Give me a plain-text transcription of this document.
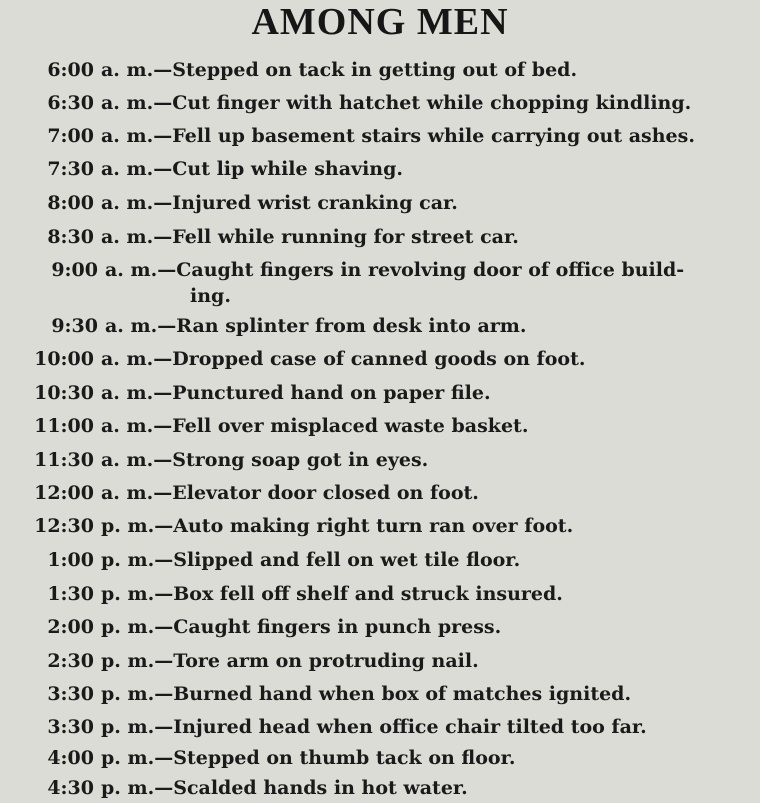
AMONG MEN
6:00 a. m.—Stepped on tack in getting out of bed.
6:30 a. m.—Cut finger with hatchet while chopping kindling.
7:00 a. m.—Fell up basement stairs while carrying out ashes.
7:30 a. m.—Cut lip while shaving.
8:00 a. m.—Injured wrist cranking car.
8:30 a. m.—Fell while running for street car.
9:00 a. m.—Caught fingers in revolving door of office build-
ing.
9:30 a. m.—Ran splinter from desk into arm.
10:00 a. m.—Dropped case of canned goods on foot.
10:30 a. m.—Punctured hand on paper file.
11:00 a. m.—Fell over misplaced waste basket.
11:30 a. m.—Strong soap got in eyes.
12:00 a. m.—Elevator door closed on foot.
12:30 p. m.—Auto making right turn ran over foot.
1:00 p. m.—Slipped and fell on wet tile floor.
1:30 p. m.—Box fell off shelf and struck insured.
2:00 p. m.—Caught fingers in punch press.
2:30 p. m.—Tore arm on protruding nail.
3:30 p. m.—Burned hand when box of matches ignited.
3:30 p. m.—Injured head when office chair tilted too far.
4:00 p. m.—Stepped on thumb tack on floor.
4:30 p. m.—Scalded hands in hot water.
